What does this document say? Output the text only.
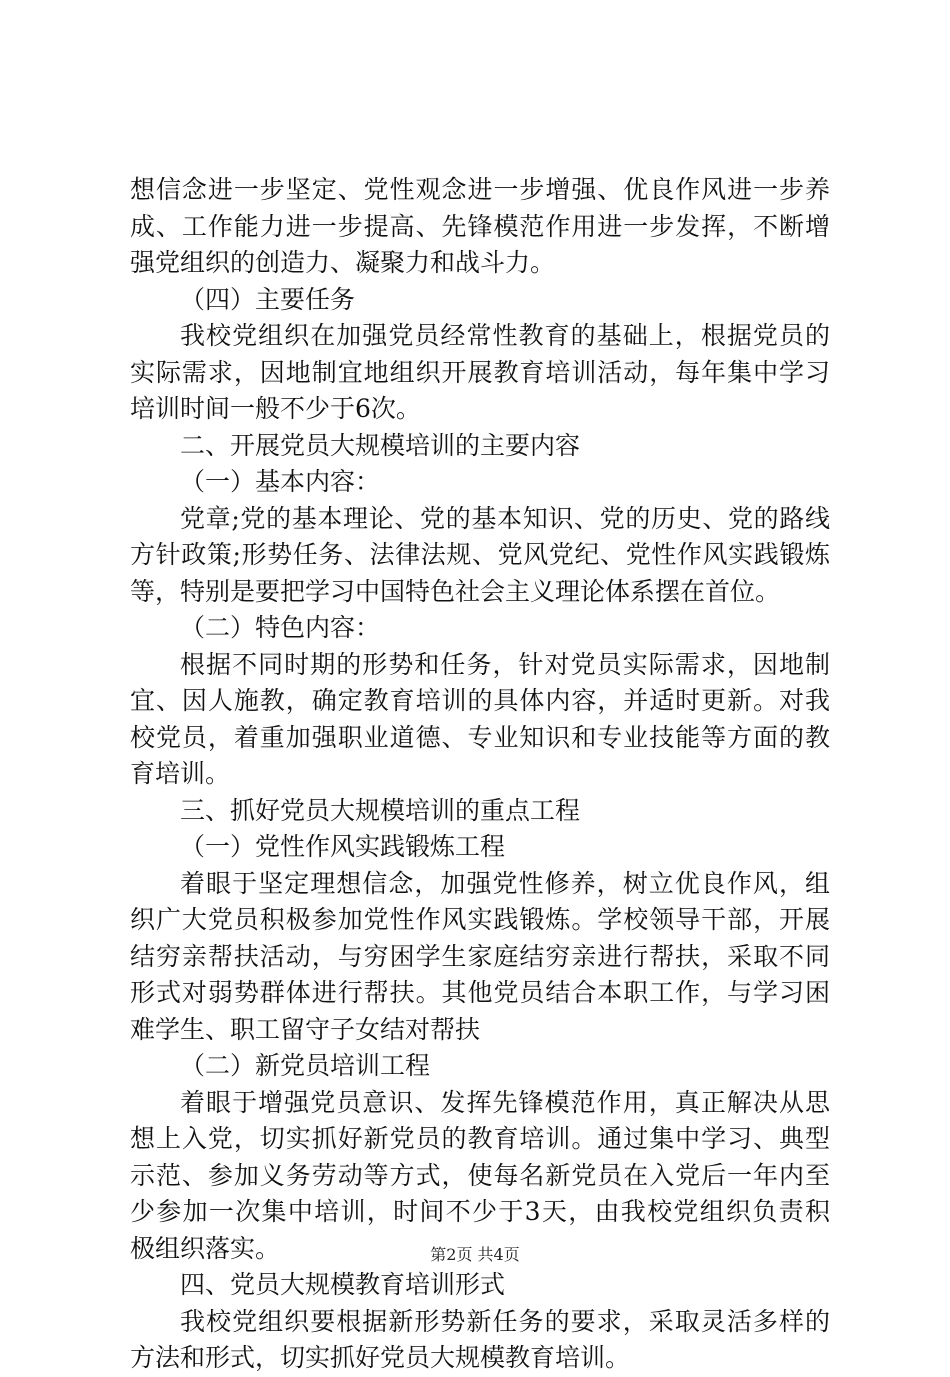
想信念进一步坚定、党性观念进一步增强、优良作风进一步养
成、工作能力进一步提高、先锋模范作用进一步发挥，不断增
强党组织的创造力、凝聚力和战斗力。
（四）主要任务
我校党组织在加强党员经常性教育的基础上，根据党员的
实际需求，因地制宜地组织开展教育培训活动，每年集中学习
培训时间一般不少于6次。
二、开展党员大规模培训的主要内容
（一）基本内容：
党章;党的基本理论、党的基本知识、党的历史、党的路线
方针政策;形势任务、法律法规、党风党纪、党性作风实践锻炼
等，特别是要把学习中国特色社会主义理论体系摆在首位。
（二）特色内容：
根据不同时期的形势和任务，针对党员实际需求，因地制
宜、因人施教，确定教育培训的具体内容，并适时更新。对我
校党员，着重加强职业道德、专业知识和专业技能等方面的教
育培训。
三、抓好党员大规模培训的重点工程
（一）党性作风实践锻炼工程
着眼于坚定理想信念，加强党性修养，树立优良作风，组
织广大党员积极参加党性作风实践锻炼。学校领导干部，开展
结穷亲帮扶活动，与穷困学生家庭结穷亲进行帮扶，采取不同
形式对弱势群体进行帮扶。其他党员结合本职工作，与学习困
难学生、职工留守子女结对帮扶
（二）新党员培训工程
着眼于增强党员意识、发挥先锋模范作用，真正解决从思
想上入党，切实抓好新党员的教育培训。通过集中学习、典型
示范、参加义务劳动等方式，使每名新党员在入党后一年内至
少参加一次集中培训，时间不少于3天，由我校党组织负责积
极组织落实。
四、党员大规模教育培训形式
我校党组织要根据新形势新任务的要求，采取灵活多样的
方法和形式，切实抓好党员大规模教育培训。
第2页 共4页
